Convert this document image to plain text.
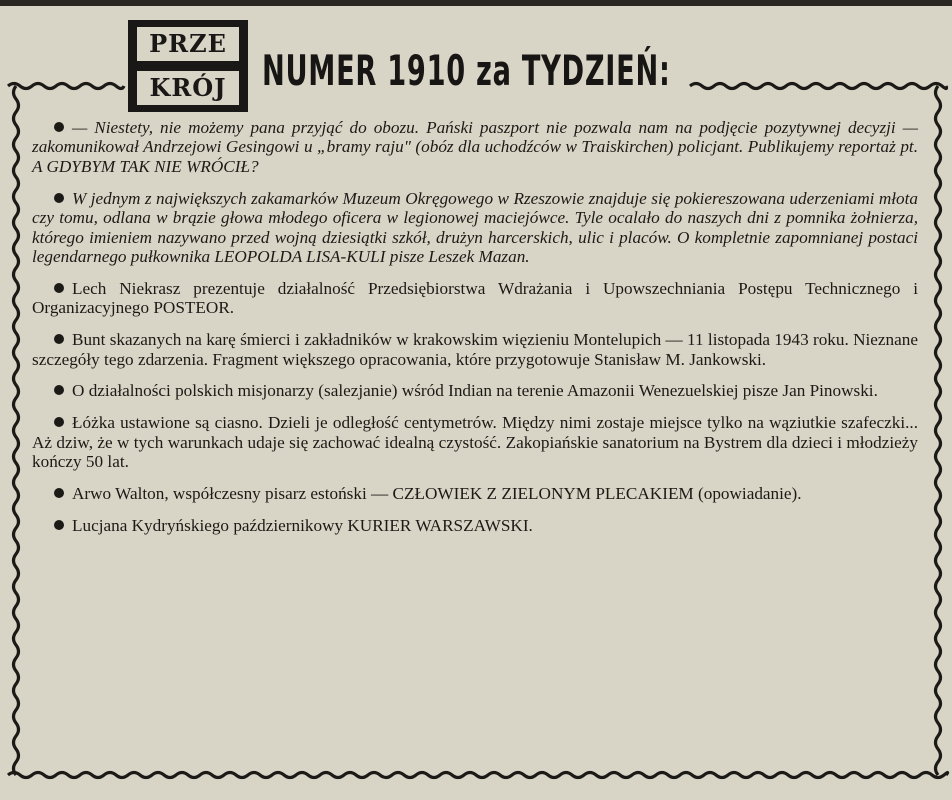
PRZE
KRÓJ NUMER 1910 za TYDZIEŃ:

— Niestety, nie możemy pana przyjąć do obozu. Pański paszport nie pozwala nam na podjęcie pozytywnej decyzji — zakomunikował Andrzejowi Gesingowi u „bramy raju" (obóz dla uchodźców w Traiskirchen) policjant. Publikujemy reportaż pt. A GDYBYM TAK NIE WRÓCIŁ?

W jednym z największych zakamarków Muzeum Okręgowego w Rzeszowie znajduje się pokiereszowana uderzeniami młota czy tomu, odlana w brązie głowa młodego oficera w legionowej maciejówce. Tyle ocalało do naszych dni z pomnika żołnierza, którego imieniem nazywano przed wojną dziesiątki szkół, drużyn harcerskich, ulic i placów. O kompletnie zapomnianej postaci legendarnego pułkownika LEOPOLDA LISA-KULI pisze Leszek Mazan.

Lech Niekrasz prezentuje działalność Przedsiębiorstwa Wdrażania i Upowszechniania Postępu Technicznego i Organizacyjnego POSTEOR.

Bunt skazanych na karę śmierci i zakładników w krakowskim więzieniu Montelupich — 11 listopada 1943 roku. Nieznane szczegóły tego zdarzenia. Fragment większego opracowania, które przygotowuje Stanisław M. Jankowski.

O działalności polskich misjonarzy (salezjanie) wśród Indian na terenie Amazonii Wenezuelskiej pisze Jan Pinowski.

Łóżka ustawione są ciasno. Dzieli je odległość centymetrów. Między nimi zostaje miejsce tylko na wąziutkie szafeczki... Aż dziw, że w tych warunkach udaje się zachować idealną czystość. Zakopiańskie sanatorium na Bystrem dla dzieci i młodzieży kończy 50 lat.

Arwo Walton, współczesny pisarz estoński — CZŁOWIEK Z ZIELONYM PLECAKIEM (opowiadanie).

Lucjana Kydryńskiego październikowy KURIER WARSZAWSKI.
